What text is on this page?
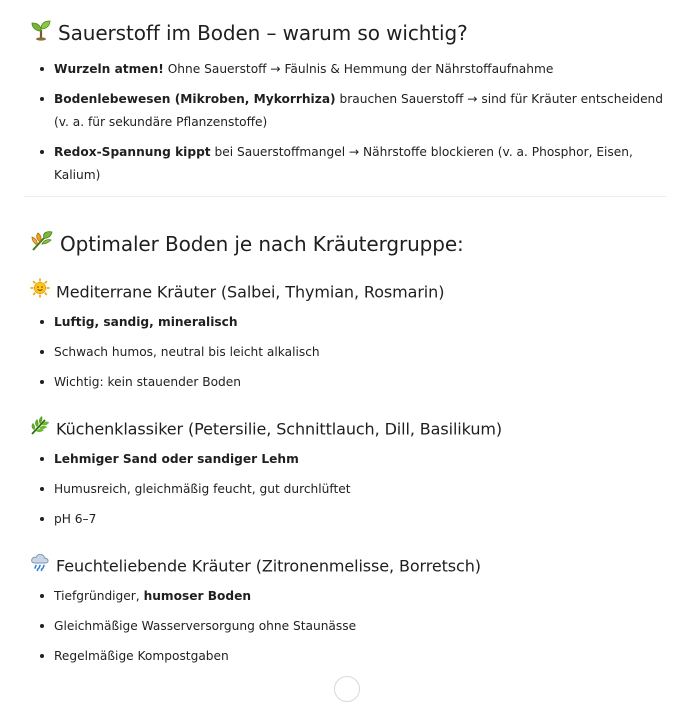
Sauerstoff im Boden – warum so wichtig?
Wurzeln atmen! Ohne Sauerstoff → Fäulnis & Hemmung der Nährstoffaufnahme
Bodenlebewesen (Mikroben, Mykorrhiza) brauchen Sauerstoff → sind für Kräuter entscheidend (v. a. für sekundäre Pflanzenstoffe)
Redox-Spannung kippt bei Sauerstoffmangel → Nährstoffe blockieren (v. a. Phosphor, Eisen, Kalium)
Optimaler Boden je nach Kräutergruppe:
Mediterrane Kräuter (Salbei, Thymian, Rosmarin)
Luftig, sandig, mineralisch
Schwach humos, neutral bis leicht alkalisch
Wichtig: kein stauender Boden
Küchenklassiker (Petersilie, Schnittlauch, Dill, Basilikum)
Lehmiger Sand oder sandiger Lehm
Humusreich, gleichmäßig feucht, gut durchlüftet
pH 6–7
Feuchteliebende Kräuter (Zitronenmelisse, Borretsch)
Tiefgründiger, humoser Boden
Gleichmäßige Wasserversorgung ohne Staunässe
Regelmäßige Kompostgaben
